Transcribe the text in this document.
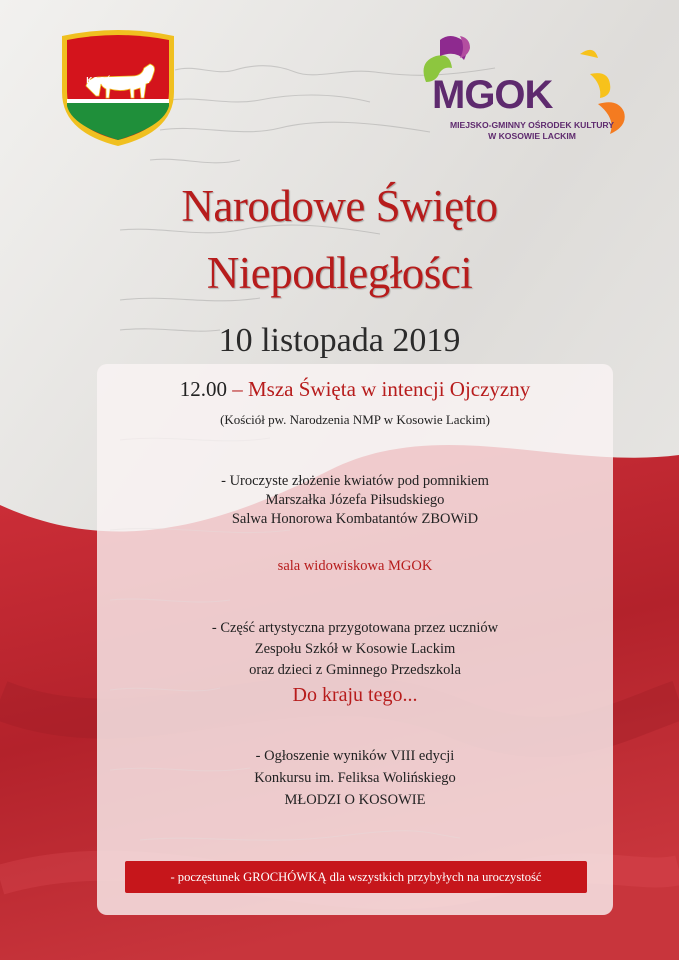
KOSÓW LACKI	MGOK
MIEJSKO-GMINNY OŚRODEK KULTURY
W KOSOWIE LACKIM
Narodowe Święto
Niepodległości
10 listopada 2019
12.00 – Msza Święta w intencji Ojczyzny
(Kościół pw. Narodzenia NMP w Kosowie Lackim)
- Uroczyste złożenie kwiatów pod pomnikiem
Marszałka Józefa Piłsudskiego
Salwa Honorowa Kombatantów ZBOWiD
sala widowiskowa MGOK
- Część artystyczna przygotowana przez uczniów
Zespołu Szkół w Kosowie Lackim
oraz dzieci z Gminnego Przedszkola
Do kraju tego...
- Ogłoszenie wyników VIII edycji
Konkursu im. Feliksa Wolińskiego
MŁODZI O KOSOWIE
- poczęstunek GROCHÓWKĄ dla wszystkich przybyłych na uroczystość
